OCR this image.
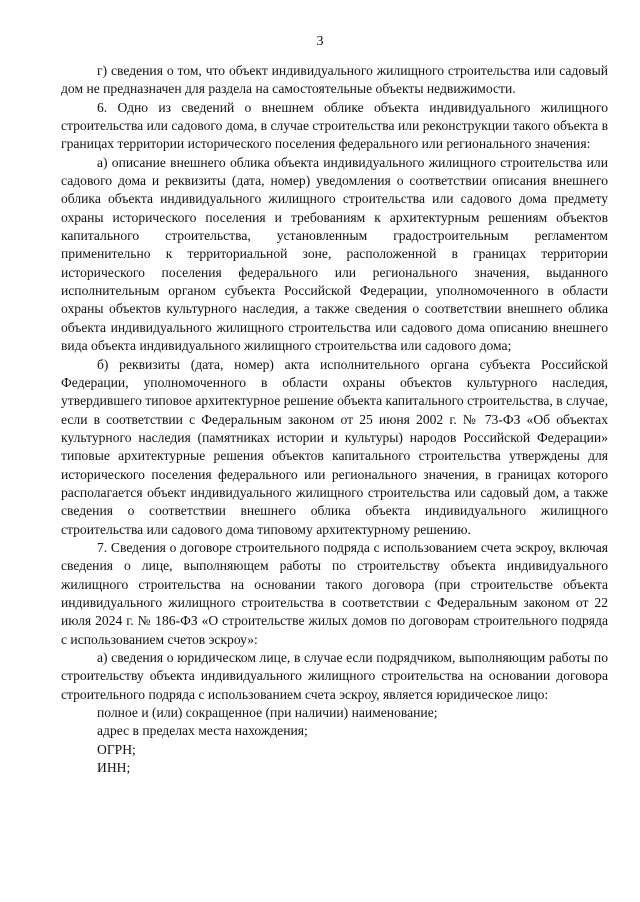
3

г) сведения о том, что объект индивидуального жилищного строительства или садовый дом не предназначен для раздела на самостоятельные объекты недвижимости.

6. Одно из сведений о внешнем облике объекта индивидуального жилищного строительства или садового дома, в случае строительства или реконструкции такого объекта в границах территории исторического поселения федерального или регионального значения:

а) описание внешнего облика объекта индивидуального жилищного строительства или садового дома и реквизиты (дата, номер) уведомления о соответствии описания внешнего облика объекта индивидуального жилищного строительства или садового дома предмету охраны исторического поселения и требованиям к архитектурным решениям объектов капитального строительства, установленным градостроительным регламентом применительно к территориальной зоне, расположенной в границах территории исторического поселения федерального или регионального значения, выданного исполнительным органом субъекта Российской Федерации, уполномоченного в области охраны объектов культурного наследия, а также сведения о соответствии внешнего облика объекта индивидуального жилищного строительства или садового дома описанию внешнего вида объекта индивидуального жилищного строительства или садового дома;

б) реквизиты (дата, номер) акта исполнительного органа субъекта Российской Федерации, уполномоченного в области охраны объектов культурного наследия, утвердившего типовое архитектурное решение объекта капитального строительства, в случае, если в соответствии с Федеральным законом от 25 июня 2002 г. № 73-ФЗ «Об объектах культурного наследия (памятниках истории и культуры) народов Российской Федерации» типовые архитектурные решения объектов капитального строительства утверждены для исторического поселения федерального или регионального значения, в границах которого располагается объект индивидуального жилищного строительства или садовый дом, а также сведения о соответствии внешнего облика объекта индивидуального жилищного строительства или садового дома типовому архитектурному решению.

7. Сведения о договоре строительного подряда с использованием счета эскроу, включая сведения о лице, выполняющем работы по строительству объекта индивидуального жилищного строительства на основании такого договора (при строительстве объекта индивидуального жилищного строительства в соответствии с Федеральным законом от 22 июля 2024 г. № 186-ФЗ «О строительстве жилых домов по договорам строительного подряда с использованием счетов эскроу»:

а) сведения о юридическом лице, в случае если подрядчиком, выполняющим работы по строительству объекта индивидуального жилищного строительства на основании договора строительного подряда с использованием счета эскроу, является юридическое лицо:

полное и (или) сокращенное (при наличии) наименование;

адрес в пределах места нахождения;

ОГРН;

ИНН;
